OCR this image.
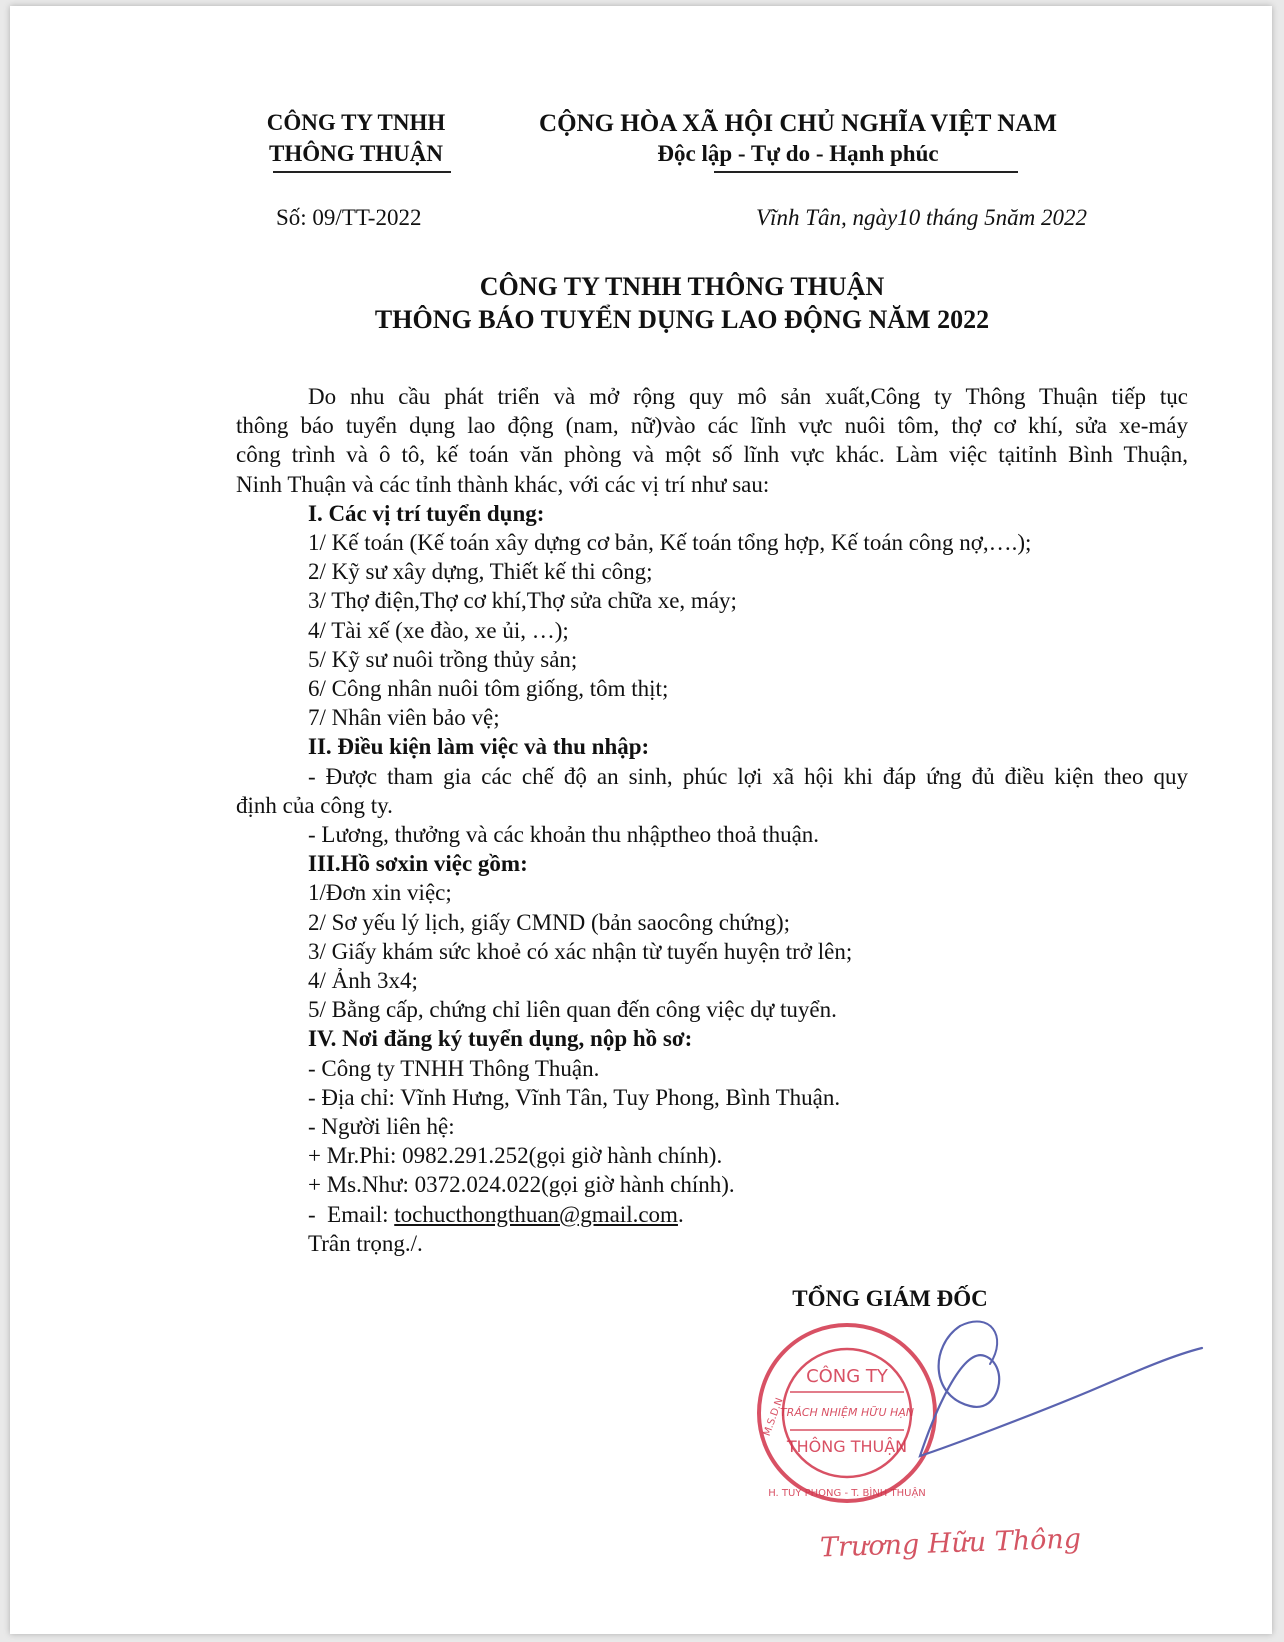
CÔNG TY TNHH
THÔNG THUẬN
CỘNG HÒA XÃ HỘI CHỦ NGHĨA VIỆT NAM
Độc lập - Tự do - Hạnh phúc
Số: 09/TT-2022	Vĩnh Tân, ngày10 tháng 5năm 2022
CÔNG TY TNHH THÔNG THUẬN
THÔNG BÁO TUYỂN DỤNG LAO ĐỘNG NĂM 2022

Do nhu cầu phát triển và mở rộng quy mô sản xuất,Công ty Thông Thuận tiếp tục

thông báo tuyển dụng lao động (nam, nữ)vào các lĩnh vực nuôi tôm, thợ cơ khí, sửa xe-máy

công trình và ô tô, kế toán văn phòng và một số lĩnh vực khác. Làm việc tạitỉnh Bình Thuận,

Ninh Thuận và các tỉnh thành khác, với các vị trí như sau:

I. Các vị trí tuyển dụng:

1/ Kế toán (Kế toán xây dựng cơ bản, Kế toán tổng hợp, Kế toán công nợ,….);

2/ Kỹ sư xây dựng, Thiết kế thi công;

3/ Thợ điện,Thợ cơ khí,Thợ sửa chữa xe, máy;

4/ Tài xế (xe đào, xe ủi, …);

5/ Kỹ sư nuôi trồng thủy sản;

6/ Công nhân nuôi tôm giống, tôm thịt;

7/ Nhân viên bảo vệ;

II. Điều kiện làm việc và thu nhập:

- Được tham gia các chế độ an sinh, phúc lợi xã hội khi đáp ứng đủ điều kiện theo quy

định của công ty.

- Lương, thưởng và các khoản thu nhậptheo thoả thuận.

III.Hồ sơxin việc gồm:

1/Đơn xin việc;

2/ Sơ yếu lý lịch, giấy CMND (bản saocông chứng);

3/ Giấy khám sức khoẻ có xác nhận từ tuyến huyện trở lên;

4/ Ảnh 3x4;

5/ Bằng cấp, chứng chỉ liên quan đến công việc dự tuyển.

IV. Nơi đăng ký tuyển dụng, nộp hồ sơ:

- Công ty TNHH Thông Thuận.

- Địa chỉ: Vĩnh Hưng, Vĩnh Tân, Tuy Phong, Bình Thuận.

- Người liên hệ:

+ Mr.Phi: 0982.291.252(gọi giờ hành chính).

+ Ms.Như: 0372.024.022(gọi giờ hành chính).

-  Email: tochucthongthuan@gmail.com.

Trân trọng./.

TỔNG GIÁM ĐỐC
CÔNG TY
TRÁCH NHIỆM HỮU HẠN
THÔNG THUẬN
H. TUY PHONG - T. BÌNH THUẬN
M.S.D.N
Trương Hữu Thông
